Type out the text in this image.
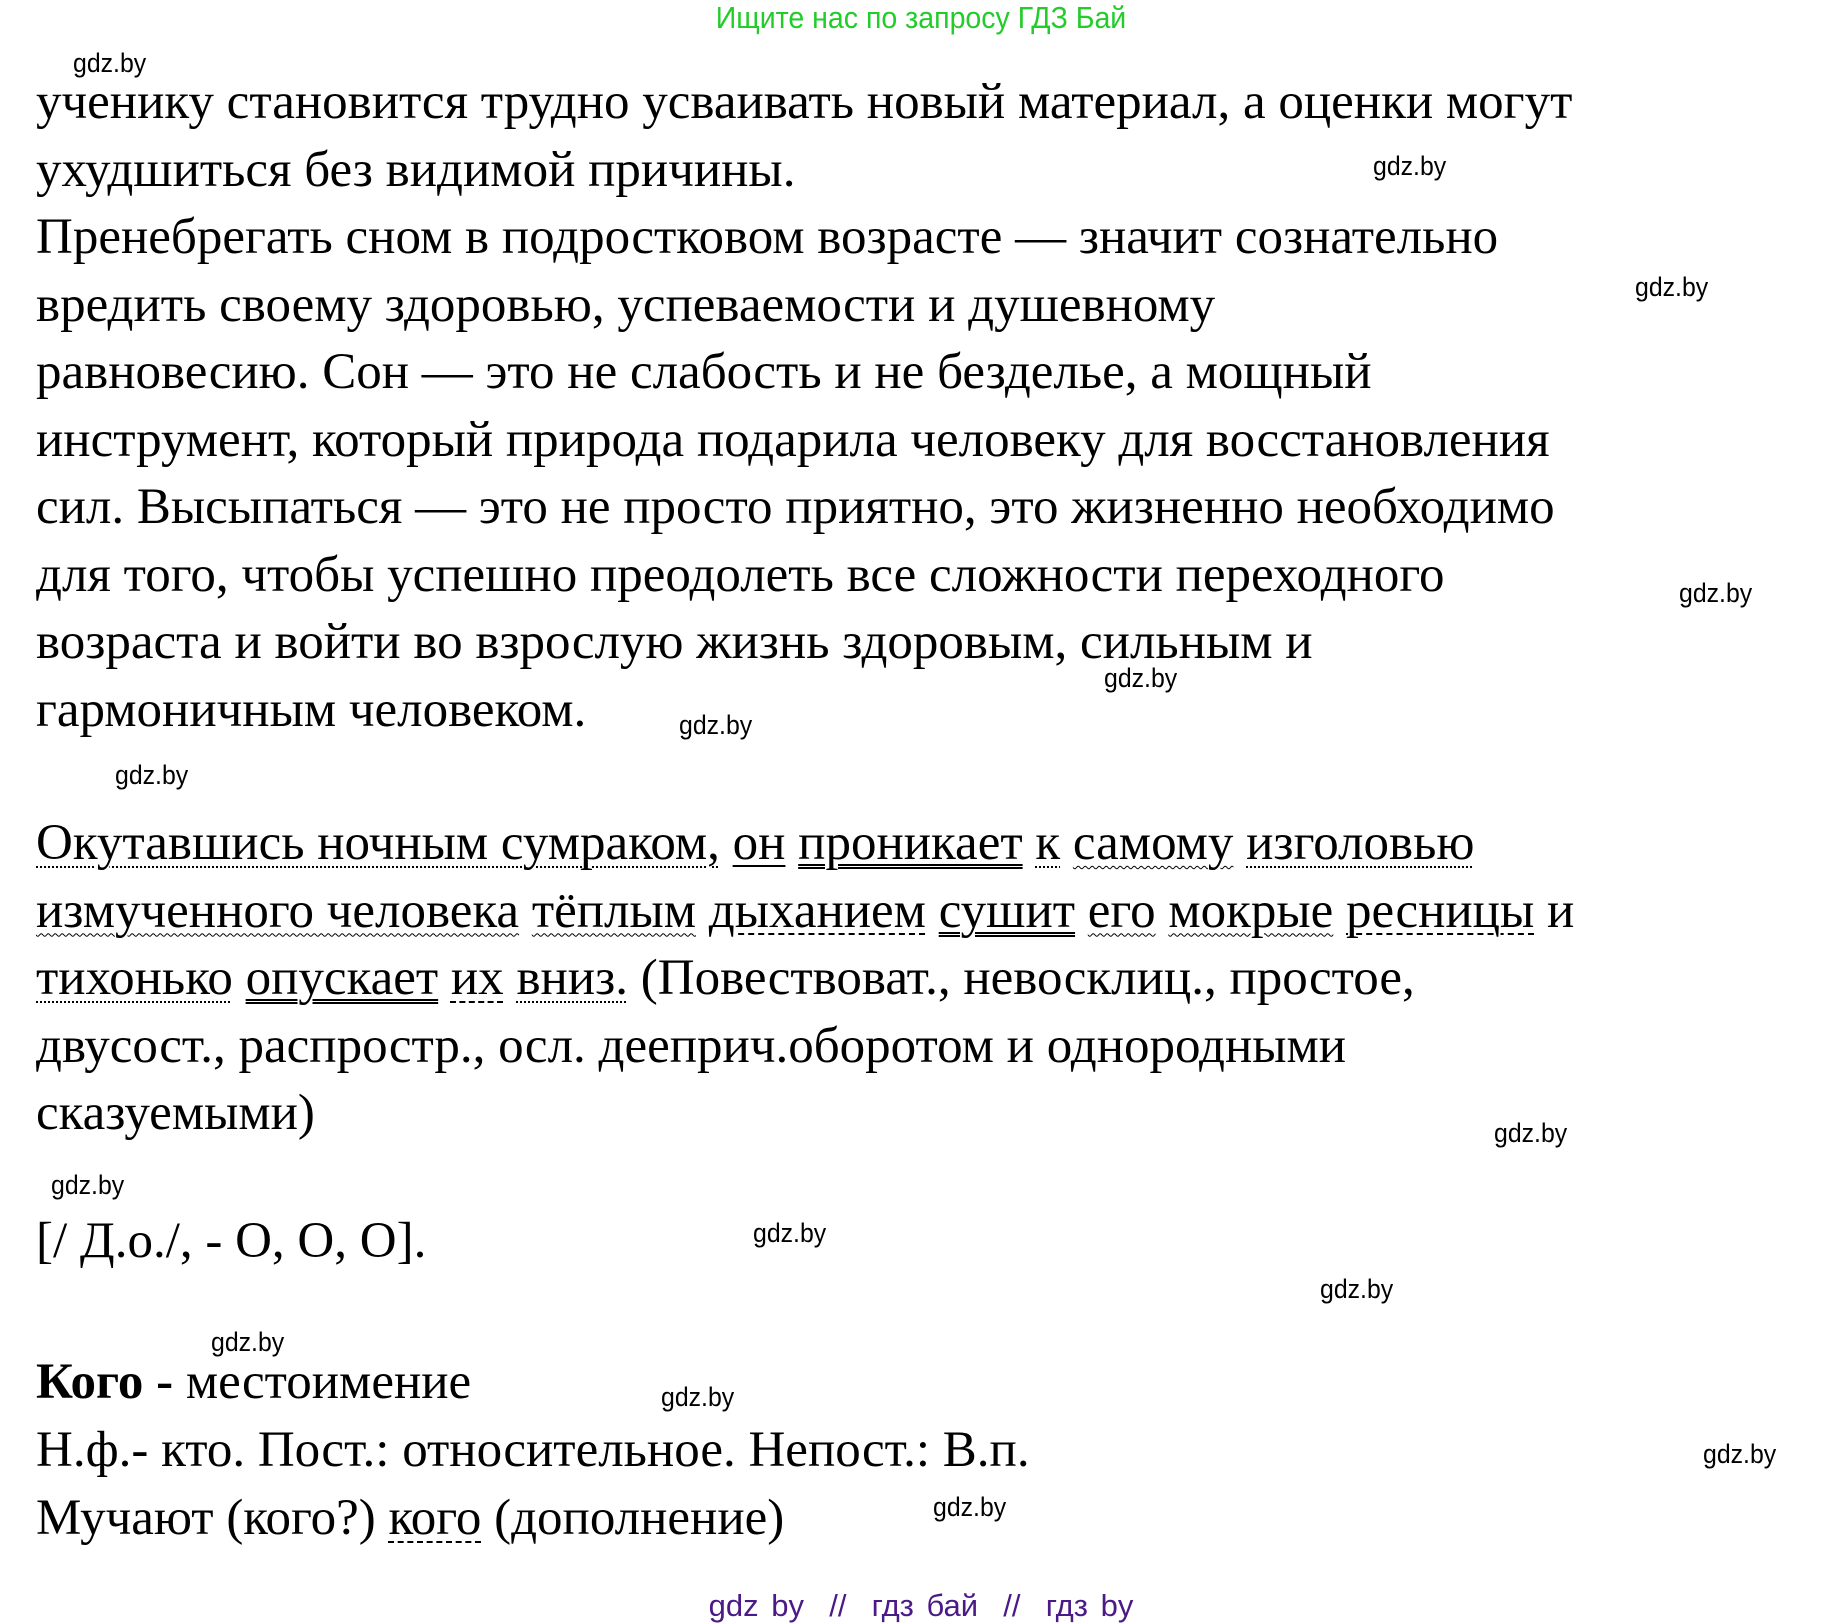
Ищите нас по запросу ГДЗ Бай
ученику становится трудно усваивать новый материал, а оценки могут
ухудшиться без видимой причины.
Пренебрегать сном в подростковом возрасте — значит сознательно
вредить своему здоровью, успеваемости и душевному
равновесию. Сон — это не слабость и не безделье, а мощный
инструмент, который природа подарила человеку для восстановления
сил. Высыпаться — это не просто приятно, это жизненно необходимо
для того, чтобы успешно преодолеть все сложности переходного
возраста и войти во взрослую жизнь здоровым, сильным и
гармоничным человеком.
Окутавшись ночным сумраком, он проникает к самому изголовью
измученного человека тёплым дыханием сушит его мокрые ресницы и
тихонько опускает их вниз. (Повествоват., невосклиц., простое,
двусост., распростр., осл. дееприч.оборотом и однородными
сказуемыми)
[/ Д.о./, - О, О, О].
Кого - местоимение
Н.ф.- кто. Пост.: относительное. Непост.: В.п.
Мучают (кого?) кого (дополнение)
gdz.by
gdz.by
gdz.by
gdz.by
gdz.by
gdz.by
gdz.by
gdz.by
gdz.by
gdz.by
gdz.by
gdz.by
gdz.by
gdz.by
gdz.by
gdz by  //  гдз бай  //  гдз by
